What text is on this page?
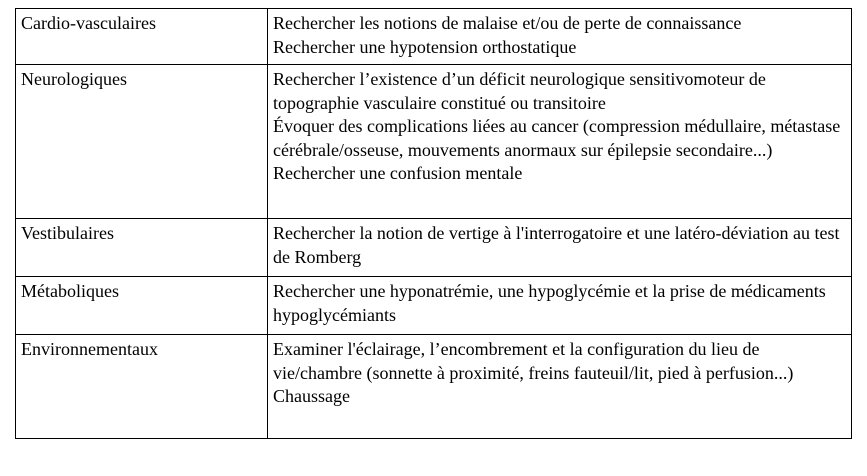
Cardio-vasculaires	Rechercher les notions de malaise et/ou de perte de connaissance
Rechercher une hypotension orthostatique

Neurologiques	Rechercher l’existence d’un déficit neurologique sensitivomoteur de topographie vasculaire constitué ou transitoire
Évoquer des complications liées au cancer (compression médullaire, métastase cérébrale/osseuse, mouvements anormaux sur épilepsie secondaire...)
Rechercher une confusion mentale

Vestibulaires	Rechercher la notion de vertige à l'interrogatoire et une latéro-déviation au test de Romberg

Métaboliques	Rechercher une hyponatrémie, une hypoglycémie et la prise de médicaments hypoglycémiants

Environnementaux	Examiner l'éclairage, l’encombrement et la configuration du lieu de vie/chambre (sonnette à proximité, freins fauteuil/lit, pied à perfusion...)
Chaussage
